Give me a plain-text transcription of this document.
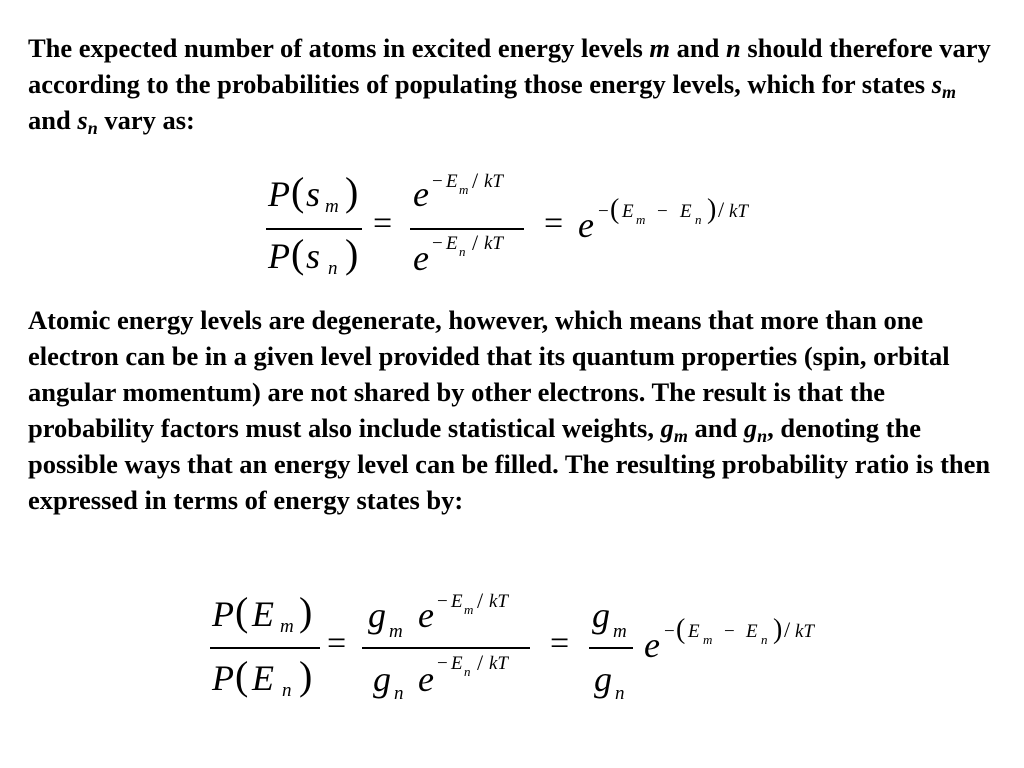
The expected number of atoms in excited energy levels m and n should therefore vary according to the probabilities of populating those energy levels, which for states $s_m$ and $s_n$ vary as:

P ( s m )
P ( s n )
=
e − E m / kT
e − E n / kT
= e − ( E m − E n ) / kT

Atomic energy levels are degenerate, however, which means that more than one electron can be in a given level provided that its quantum properties (spin, orbital angular momentum) are not shared by other electrons. The result is that the probability factors must also include statistical weights, $g_m$ and $g_n$, denoting the possible ways that an energy level can be filled. The resulting probability ratio is then expressed in terms of energy states by:

P ( E m )
P ( E n )
=
g m e − E m / kT
g n e − E n / kT
=
g m
g n
e − ( E m − E n ) / kT
